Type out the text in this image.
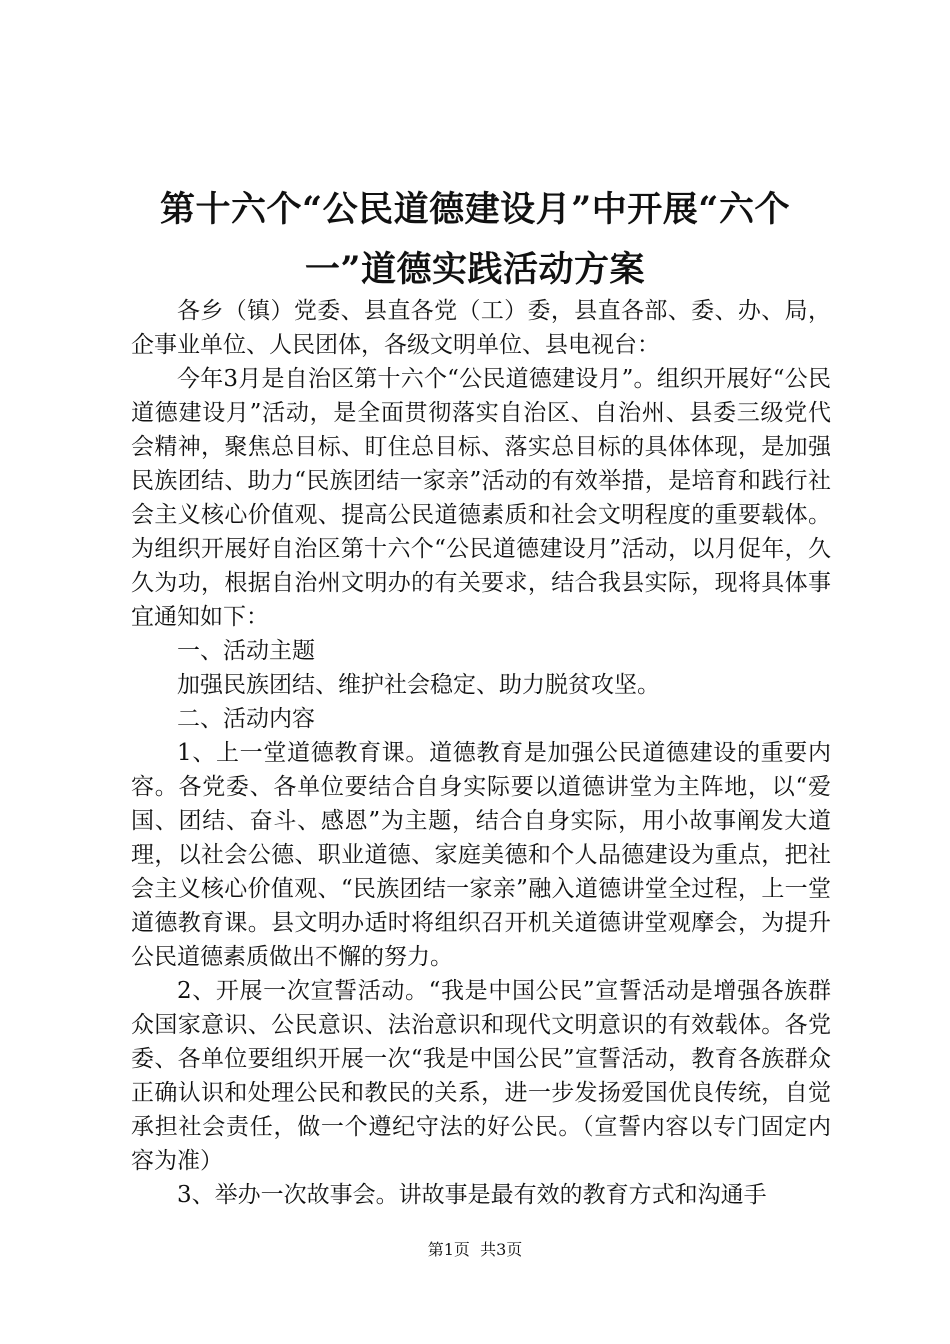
第十六个“公民道德建设月”中开展“六个
一”道德实践活动方案

各乡（镇）党委、县直各党（工）委，县直各部、委、办、局，企事业单位、人民团体，各级文明单位、县电视台：

今年3月是自治区第十六个“公民道德建设月”。组织开展好“公民道德建设月”活动，是全面贯彻落实自治区、自治州、县委三级党代会精神，聚焦总目标、盯住总目标、落实总目标的具体体现，是加强民族团结、助力“民族团结一家亲”活动的有效举措，是培育和践行社会主义核心价值观、提高公民道德素质和社会文明程度的重要载体。为组织开展好自治区第十六个“公民道德建设月”活动，以月促年，久久为功，根据自治州文明办的有关要求，结合我县实际，现将具体事宜通知如下：

一、活动主题

加强民族团结、维护社会稳定、助力脱贫攻坚。

二、活动内容

1、上一堂道德教育课。道德教育是加强公民道德建设的重要内容。各党委、各单位要结合自身实际要以道德讲堂为主阵地，以“爱国、团结、奋斗、感恩”为主题，结合自身实际，用小故事阐发大道理，以社会公德、职业道德、家庭美德和个人品德建设为重点，把社会主义核心价值观、“民族团结一家亲”融入道德讲堂全过程，上一堂道德教育课。县文明办适时将组织召开机关道德讲堂观摩会，为提升公民道德素质做出不懈的努力。

2、开展一次宣誓活动。“我是中国公民”宣誓活动是增强各族群众国家意识、公民意识、法治意识和现代文明意识的有效载体。各党委、各单位要组织开展一次“我是中国公民”宣誓活动，教育各族群众正确认识和处理公民和教民的关系，进一步发扬爱国优良传统，自觉承担社会责任，做一个遵纪守法的好公民。（宣誓内容以专门固定内容为准）

3、举办一次故事会。讲故事是最有效的教育方式和沟通手

第1页  共3页
